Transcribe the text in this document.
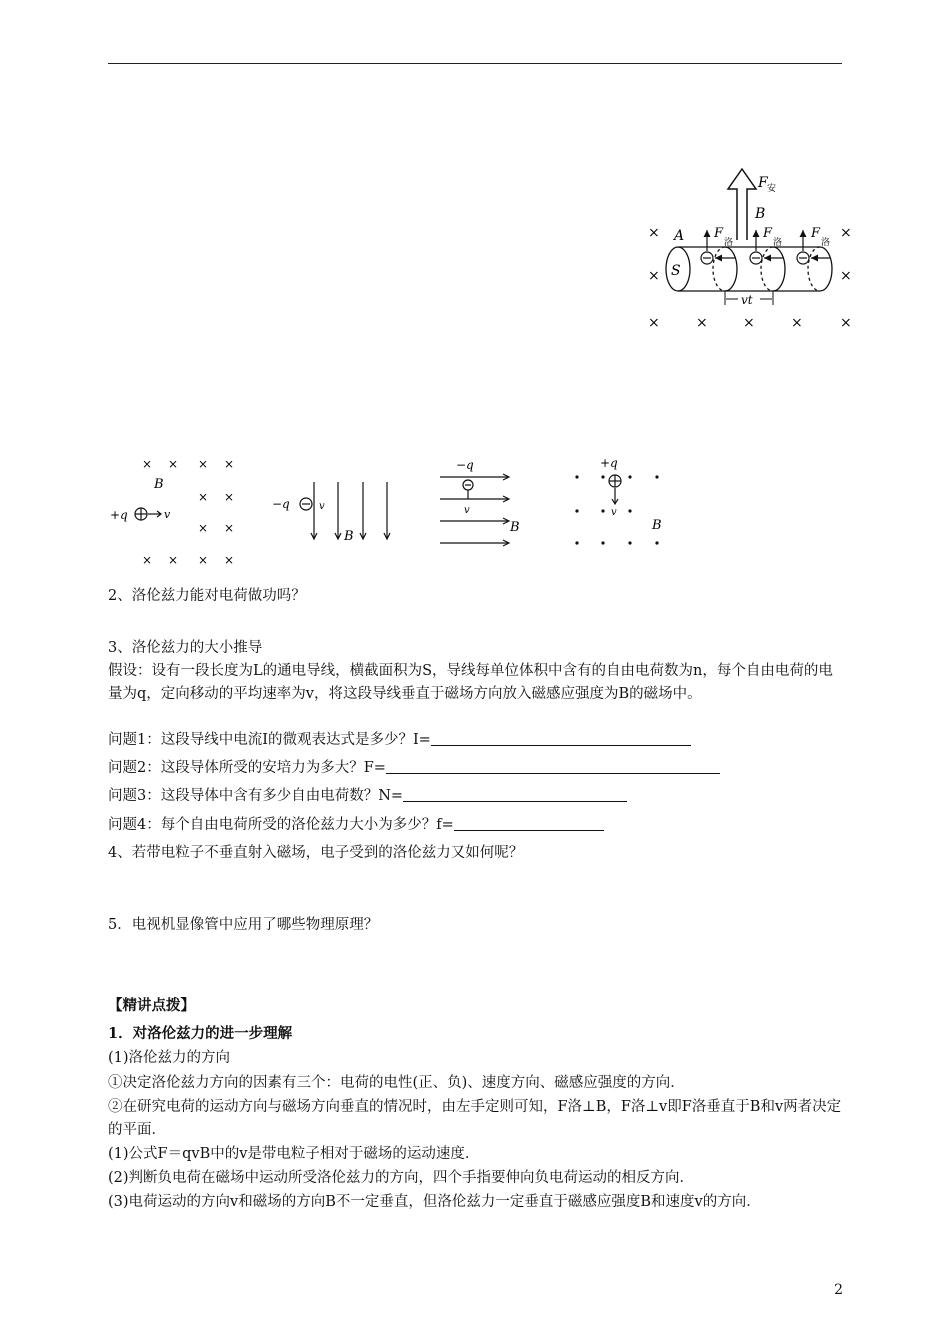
F 安
B
A
×	×
×	×
×	×	×	×	×
S
F
洛
F
洛
F
洛
vt
× × × ×
× ×
× ×
× × × ×
B
+q	v
−q	v
B
−q
v
B
+q
v
B
2、洛伦兹力能对电荷做功吗？
3、洛伦兹力的大小推导
假设：设有一段长度为L的通电导线，横截面积为S，导线每单位体积中含有的自由电荷数为n，每个自由电荷的电量为q，定向移动的平均速率为v，将这段导线垂直于磁场方向放入磁感应强度为B的磁场中。
问题1：这段导线中电流I的微观表达式是多少？I=
问题2：这段导体所受的安培力为多大？F=
问题3：这段导体中含有多少自由电荷数？N=
问题4：每个自由电荷所受的洛伦兹力大小为多少？f=
4、若带电粒子不垂直射入磁场，电子受到的洛伦兹力又如何呢？
5．电视机显像管中应用了哪些物理原理？
【精讲点拨】
1．对洛伦兹力的进一步理解
(1)洛伦兹力的方向
①决定洛伦兹力方向的因素有三个：电荷的电性(正、负)、速度方向、磁感应强度的方向．
②在研究电荷的运动方向与磁场方向垂直的情况时，由左手定则可知，F洛⊥B，F洛⊥v即F洛垂直于B和v两者决定的平面．
(1)公式F＝qvB中的v是带电粒子相对于磁场的运动速度．
(2)判断负电荷在磁场中运动所受洛伦兹力的方向，四个手指要伸向负电荷运动的相反方向．
(3)电荷运动的方向v和磁场的方向B不一定垂直，但洛伦兹力一定垂直于磁感应强度B和速度v的方向．
2
